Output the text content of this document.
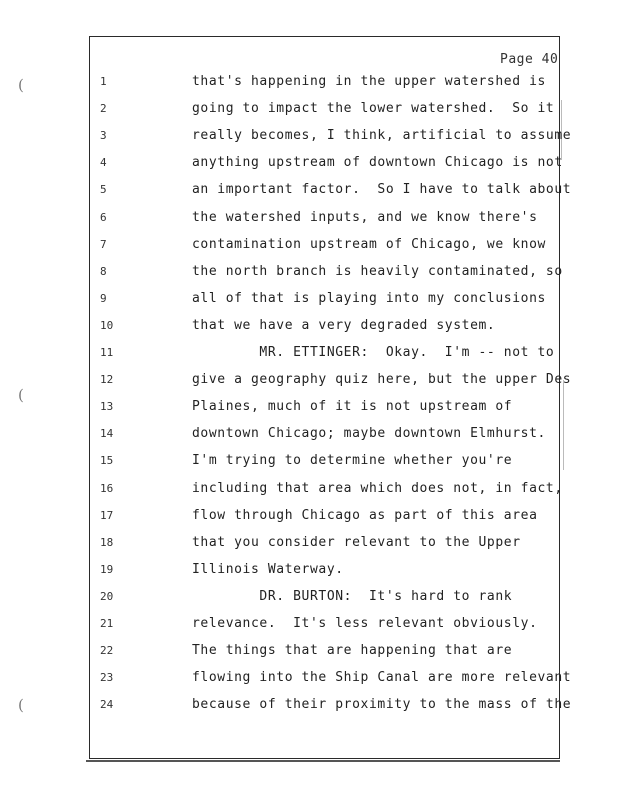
Page 40
(
(
(
1	that's happening in the upper watershed is
2	going to impact the lower watershed.  So it
3	really becomes, I think, artificial to assume
4	anything upstream of downtown Chicago is not
5	an important factor.  So I have to talk about
6	the watershed inputs, and we know there's
7	contamination upstream of Chicago, we know
8	the north branch is heavily contaminated, so
9	all of that is playing into my conclusions
10	that we have a very degraded system.
11	MR. ETTINGER:  Okay.  I'm -- not to
12	give a geography quiz here, but the upper Des
13	Plaines, much of it is not upstream of
14	downtown Chicago; maybe downtown Elmhurst.
15	I'm trying to determine whether you're
16	including that area which does not, in fact,
17	flow through Chicago as part of this area
18	that you consider relevant to the Upper
19	Illinois Waterway.
20	DR. BURTON:  It's hard to rank
21	relevance.  It's less relevant obviously.
22	The things that are happening that are
23	flowing into the Ship Canal are more relevant
24	because of their proximity to the mass of the
